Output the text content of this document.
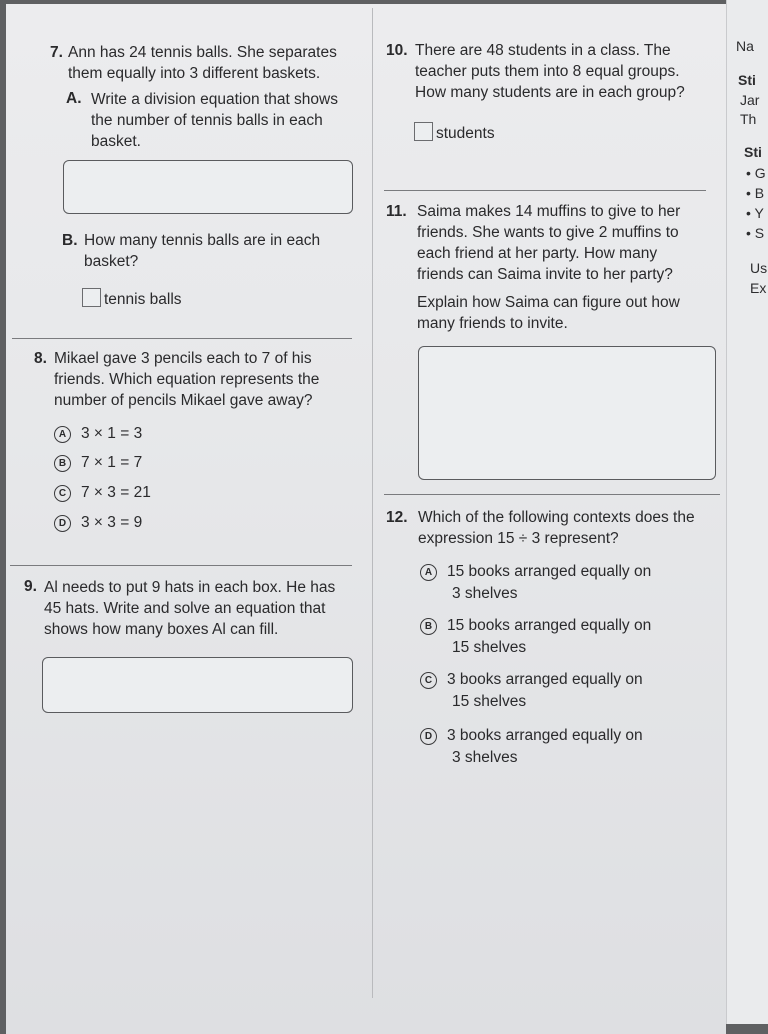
7. Ann has 24 tennis balls. She separates them equally into 3 different baskets.
A. Write a division equation that shows the number of tennis balls in each basket.
B. How many tennis balls are in each basket?
tennis balls
8. Mikael gave 3 pencils each to 7 of his friends. Which equation represents the number of pencils Mikael gave away?
A 3 × 1 = 3
B 7 × 1 = 7
C 7 × 3 = 21
D 3 × 3 = 9
9. Al needs to put 9 hats in each box. He has 45 hats. Write and solve an equation that shows how many boxes Al can fill.
10. There are 48 students in a class. The teacher puts them into 8 equal groups. How many students are in each group?
students
11. Saima makes 14 muffins to give to her friends. She wants to give 2 muffins to each friend at her party. How many friends can Saima invite to her party?
Explain how Saima can figure out how many friends to invite.
12. Which of the following contexts does the expression 15 ÷ 3 represent?
A 15 books arranged equally on
3 shelves
B 15 books arranged equally on
15 shelves
C 3 books arranged equally on
15 shelves
D 3 books arranged equally on
3 shelves
Na
Sti
Jar
Th
Sti
• G
• B
• Y
• S
Us
Ex
